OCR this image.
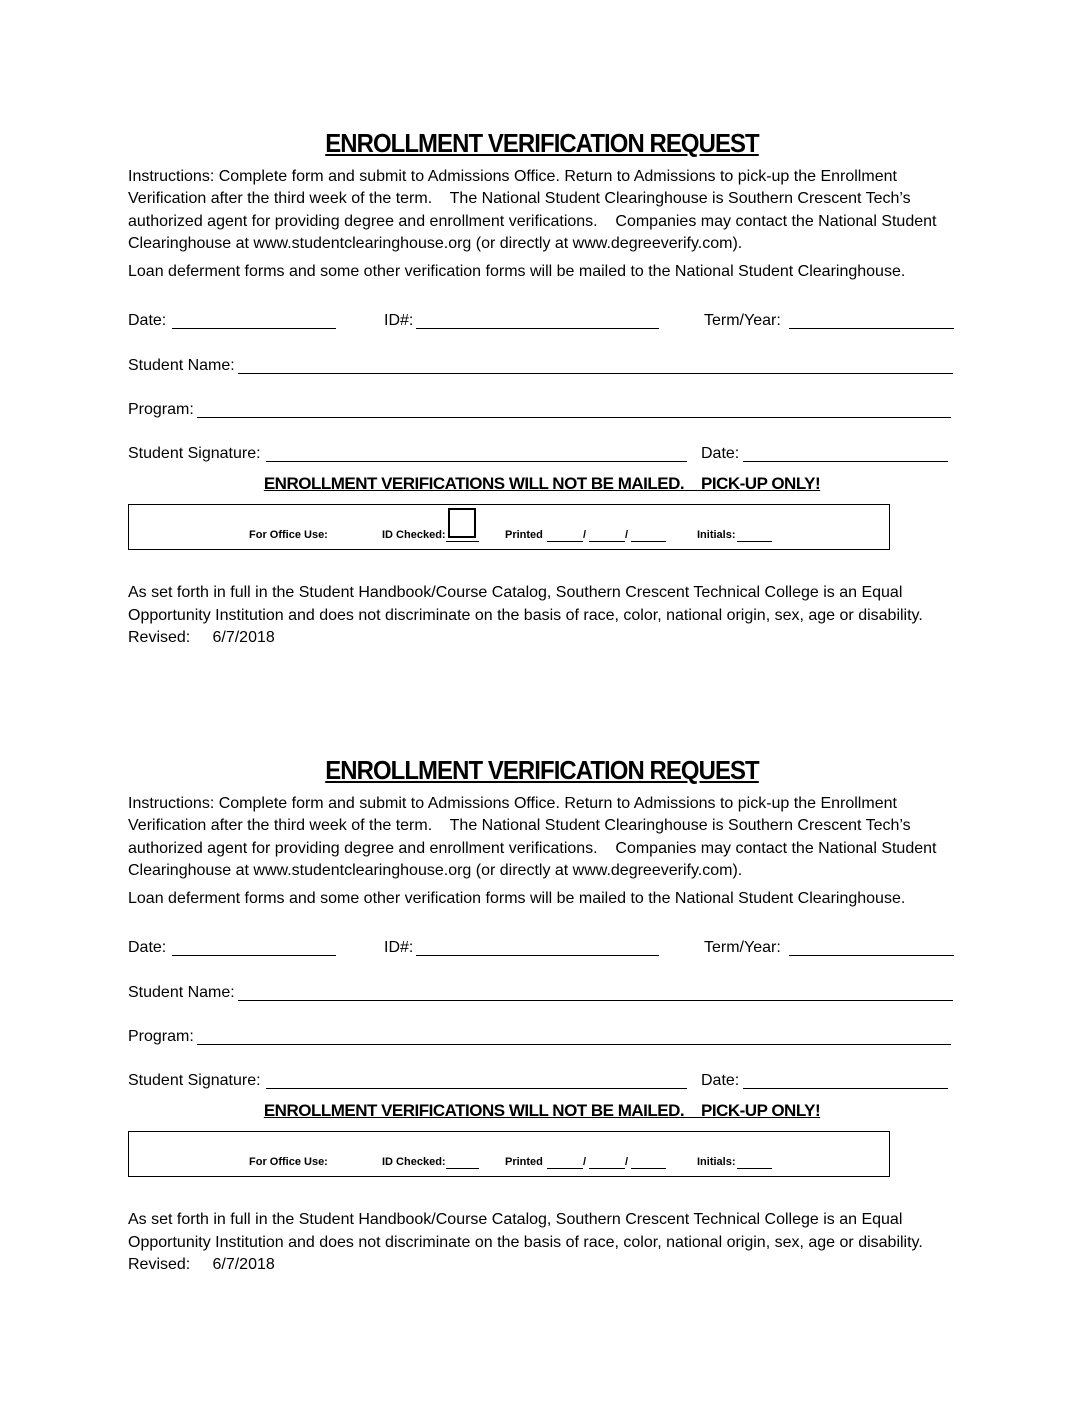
ENROLLMENT VERIFICATION REQUEST

Instructions: Complete form and submit to Admissions Office. Return to Admissions to pick-up the Enrollment

Verification after the third week of the term.    The National Student Clearinghouse is Southern Crescent Tech’s

authorized agent for providing degree and enrollment verifications.    Companies may contact the National Student

Clearinghouse at www.studentclearinghouse.org (or directly at www.degreeverify.com).

Loan deferment forms and some other verification forms will be mailed to the National Student Clearinghouse.
Date:	ID#:	Term/Year:
Student Name:
Program:
Student Signature:	Date:
ENROLLMENT VERIFICATIONS WILL NOT BE MAILED.    PICK-UP ONLY!
For Office Use:	ID Checked:	Printed	/	/	Initials:

As set forth in full in the Student Handbook/Course Catalog, Southern Crescent Technical College is an Equal

Opportunity Institution and does not discriminate on the basis of race, color, national origin, sex, age or disability.

Revised:     6/7/2018

ENROLLMENT VERIFICATION REQUEST

Instructions: Complete form and submit to Admissions Office. Return to Admissions to pick-up the Enrollment

Verification after the third week of the term.    The National Student Clearinghouse is Southern Crescent Tech’s

authorized agent for providing degree and enrollment verifications.    Companies may contact the National Student

Clearinghouse at www.studentclearinghouse.org (or directly at www.degreeverify.com).

Loan deferment forms and some other verification forms will be mailed to the National Student Clearinghouse.
Date:	ID#:	Term/Year:
Student Name:
Program:
Student Signature:	Date:
ENROLLMENT VERIFICATIONS WILL NOT BE MAILED.    PICK-UP ONLY!
For Office Use:	ID Checked:	Printed	/	/	Initials:

As set forth in full in the Student Handbook/Course Catalog, Southern Crescent Technical College is an Equal

Opportunity Institution and does not discriminate on the basis of race, color, national origin, sex, age or disability.

Revised:     6/7/2018
